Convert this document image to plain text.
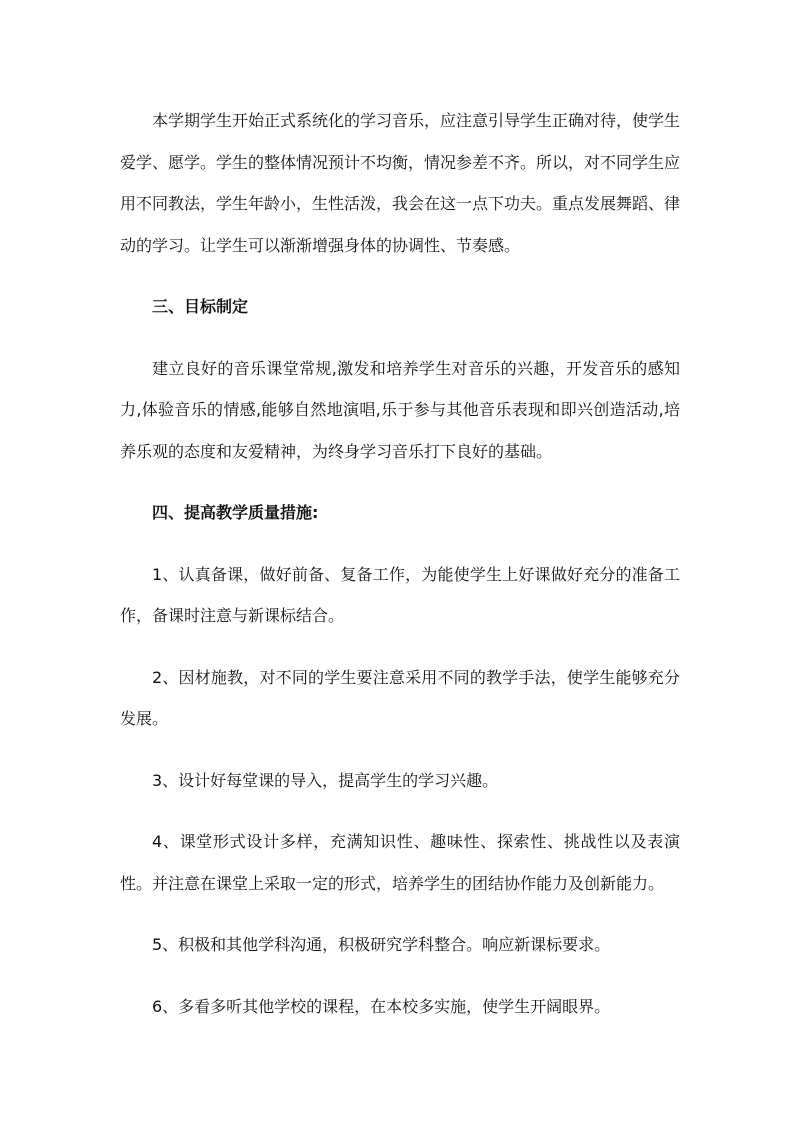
本学期学生开始正式系统化的学习音乐，应注意引导学生正确对待，使学生爱学、愿学。学生的整体情况预计不均衡，情况参差不齐。所以，对不同学生应用不同教法，学生年龄小，生性活泼，我会在这一点下功夫。重点发展舞蹈、律动的学习。让学生可以渐渐增强身体的协调性、节奏感。

三、目标制定

建立良好的音乐课堂常规,激发和培养学生对音乐的兴趣，开发音乐的感知力,体验音乐的情感,能够自然地演唱,乐于参与其他音乐表现和即兴创造活动,培养乐观的态度和友爱精神，为终身学习音乐打下良好的基础。

四、提高教学质量措施:

1、认真备课，做好前备、复备工作，为能使学生上好课做好充分的准备工作，备课时注意与新课标结合。

2、因材施教，对不同的学生要注意采用不同的教学手法，使学生能够充分发展。

3、设计好每堂课的导入，提高学生的学习兴趣。

4、课堂形式设计多样，充满知识性、趣味性、探索性、挑战性以及表演性。并注意在课堂上采取一定的形式，培养学生的团结协作能力及创新能力。

5、积极和其他学科沟通，积极研究学科整合。响应新课标要求。

6、多看多听其他学校的课程，在本校多实施，使学生开阔眼界。
